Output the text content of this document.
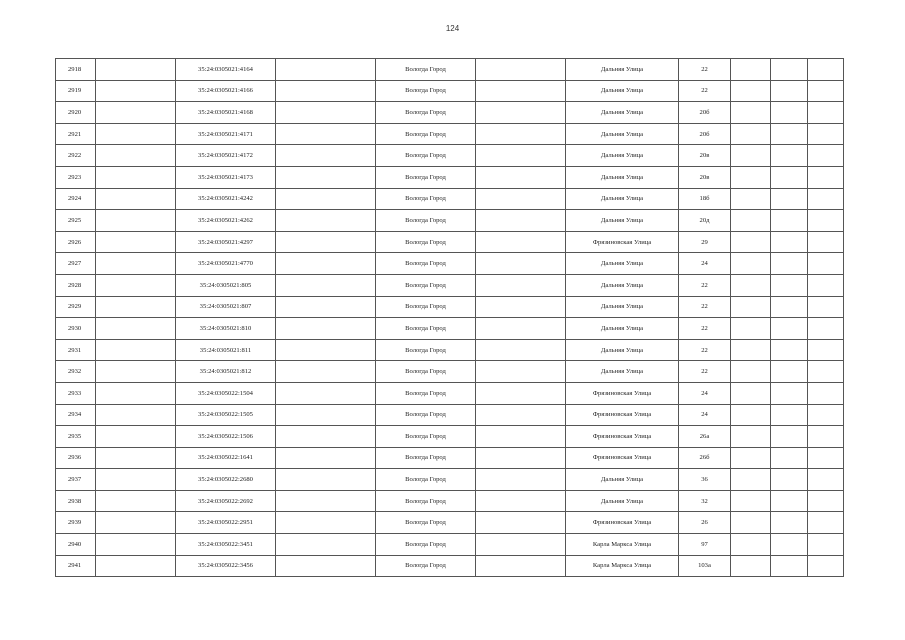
124
2918		35:24:0305021:4164		Вологда Город		Дальняя Улица	22			
2919		35:24:0305021:4166		Вологда Город		Дальняя Улица	22			
2920		35:24:0305021:4168		Вологда Город		Дальняя Улица	20б			
2921		35:24:0305021:4171		Вологда Город		Дальняя Улица	20б			
2922		35:24:0305021:4172		Вологда Город		Дальняя Улица	20в			
2923		35:24:0305021:4173		Вологда Город		Дальняя Улица	20в			
2924		35:24:0305021:4242		Вологда Город		Дальняя Улица	18б			
2925		35:24:0305021:4262		Вологда Город		Дальняя Улица	20д			
2926		35:24:0305021:4297		Вологда Город		Фрязиновская Улица	29			
2927		35:24:0305021:4770		Вологда Город		Дальняя Улица	24			
2928		35:24:0305021:805		Вологда Город		Дальняя Улица	22			
2929		35:24:0305021:807		Вологда Город		Дальняя Улица	22			
2930		35:24:0305021:810		Вологда Город		Дальняя Улица	22			
2931		35:24:0305021:811		Вологда Город		Дальняя Улица	22			
2932		35:24:0305021:812		Вологда Город		Дальняя Улица	22			
2933		35:24:0305022:1504		Вологда Город		Фрязиновская Улица	24			
2934		35:24:0305022:1505		Вологда Город		Фрязиновская Улица	24			
2935		35:24:0305022:1506		Вологда Город		Фрязиновская Улица	26а			
2936		35:24:0305022:1641		Вологда Город		Фрязиновская Улица	26б			
2937		35:24:0305022:2680		Вологда Город		Дальняя Улица	36			
2938		35:24:0305022:2692		Вологда Город		Дальняя Улица	32			
2939		35:24:0305022:2951		Вологда Город		Фрязиновская Улица	26			
2940		35:24:0305022:3451		Вологда Город		Карла Маркса Улица	97			
2941		35:24:0305022:3456		Вологда Город		Карла Маркса Улица	103а			
